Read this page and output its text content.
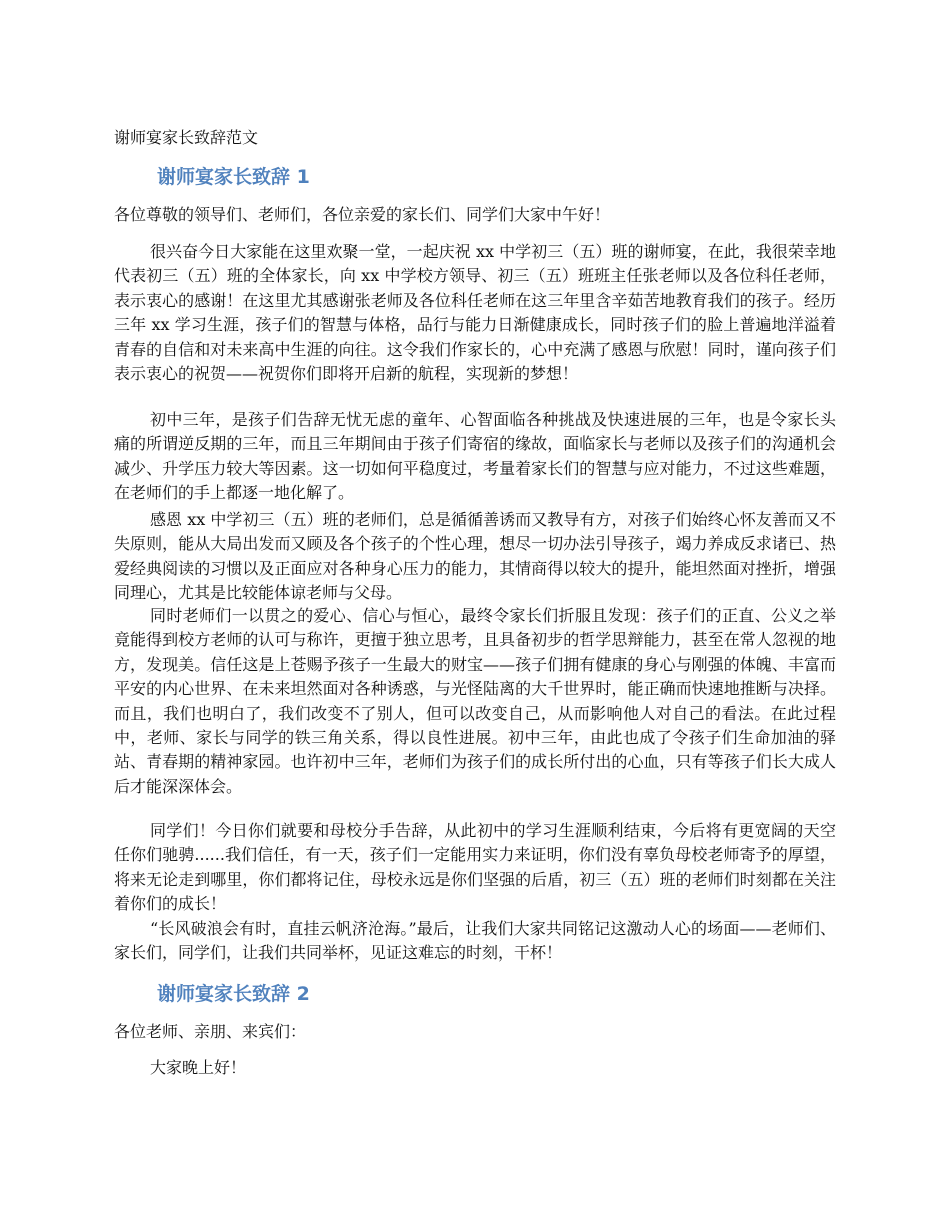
谢师宴家长致辞范文
谢师宴家长致辞 1
各位尊敬的领导们、老师们，各位亲爱的家长们、同学们大家中午好！

很兴奋今日大家能在这里欢聚一堂，一起庆祝 xx 中学初三（五）班的谢师宴，在此，我很荣幸地代表初三（五）班的全体家长，向 xx 中学校方领导、初三（五）班班主任张老师以及各位科任老师，表示衷心的感谢！在这里尤其感谢张老师及各位科任老师在这三年里含辛茹苦地教育我们的孩子。经历三年 xx 学习生涯，孩子们的智慧与体格，品行与能力日渐健康成长，同时孩子们的脸上普遍地洋溢着青春的自信和对未来高中生涯的向往。这令我们作家长的，心中充满了感恩与欣慰！同时，谨向孩子们表示衷心的祝贺——祝贺你们即将开启新的航程，实现新的梦想！

初中三年，是孩子们告辞无忧无虑的童年、心智面临各种挑战及快速进展的三年，也是令家长头痛的所谓逆反期的三年，而且三年期间由于孩子们寄宿的缘故，面临家长与老师以及孩子们的沟通机会减少、升学压力较大等因素。这一切如何平稳度过，考量着家长们的智慧与应对能力，不过这些难题，在老师们的手上都逐一地化解了。

感恩 xx 中学初三（五）班的老师们，总是循循善诱而又教导有方，对孩子们始终心怀友善而又不失原则，能从大局出发而又顾及各个孩子的个性心理，想尽一切办法引导孩子，竭力养成反求诸已、热爱经典阅读的习惯以及正面应对各种身心压力的能力，其情商得以较大的提升，能坦然面对挫折，增强同理心，尤其是比较能体谅老师与父母。

同时老师们一以贯之的爱心、信心与恒心，最终令家长们折服且发现：孩子们的正直、公义之举竟能得到校方老师的认可与称许，更擅于独立思考，且具备初步的哲学思辩能力，甚至在常人忽视的地方，发现美。信任这是上苍赐予孩子一生最大的财宝——孩子们拥有健康的身心与刚强的体魄、丰富而平安的内心世界、在未来坦然面对各种诱惑，与光怪陆离的大千世界时，能正确而快速地推断与决择。而且，我们也明白了，我们改变不了别人，但可以改变自己，从而影响他人对自己的看法。在此过程中，老师、家长与同学的铁三角关系，得以良性进展。初中三年，由此也成了令孩子们生命加油的驿站、青春期的精神家园。也许初中三年，老师们为孩子们的成长所付出的心血，只有等孩子们长大成人后才能深深体会。

同学们！今日你们就要和母校分手告辞，从此初中的学习生涯顺利结束，今后将有更宽阔的天空任你们驰骋......我们信任，有一天，孩子们一定能用实力来证明，你们没有辜负母校老师寄予的厚望，将来无论走到哪里，你们都将记住，母校永远是你们坚强的后盾，初三（五）班的老师们时刻都在关注着你们的成长！

“长风破浪会有时，直挂云帆济沧海。”最后，让我们大家共同铭记这激动人心的场面——老师们、家长们，同学们，让我们共同举杯，见证这难忘的时刻，干杯！

谢师宴家长致辞 2
各位老师、亲朋、来宾们：
大家晚上好！
